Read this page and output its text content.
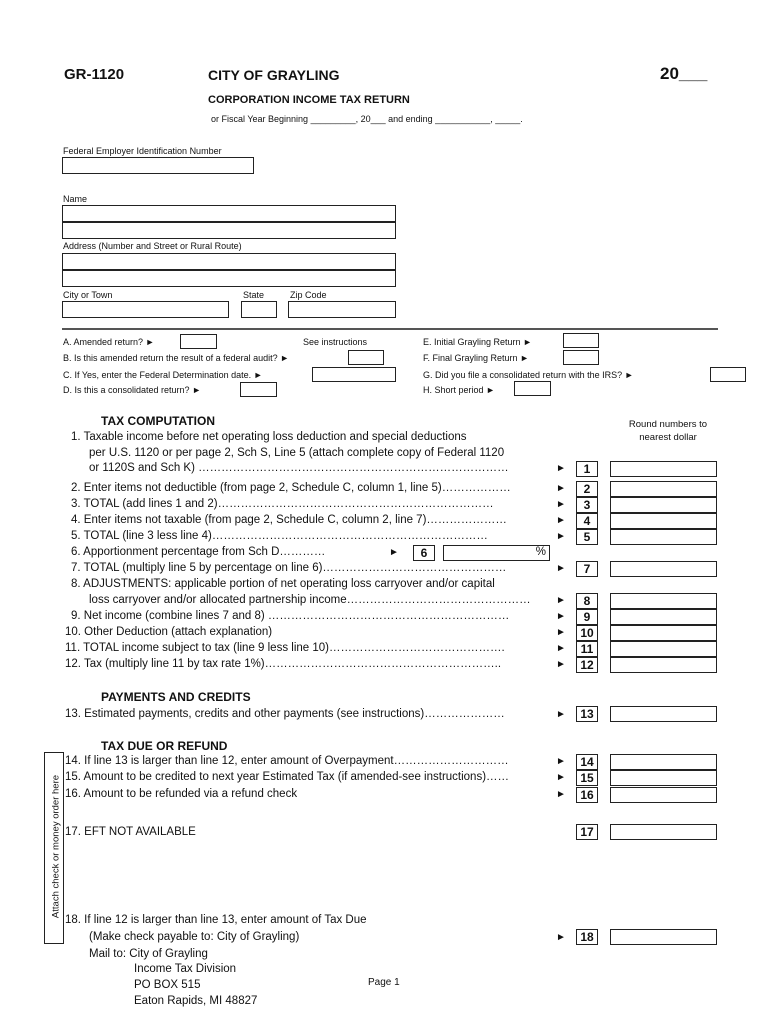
GR-1120	CITY OF GRAYLING	20___
CORPORATION INCOME TAX RETURN
or Fiscal Year Beginning _________, 20___ and ending ___________, _____.
Federal Employer Identification Number
Name
Address (Number and Street or Rural Route)
City or Town	State	Zip Code
A. Amended return? ►	See instructions
B. Is this amended return the result of a federal audit? ►
C. If Yes, enter the Federal Determination date. ►
D. Is this a consolidated return? ►
E. Initial Grayling Return ►
F. Final Grayling Return ►
G. Did you file a consolidated return with the IRS? ►
H. Short period ►
TAX COMPUTATION	Round numbers to
nearest dollar
1. Taxable income before net operating loss deduction and special deductions
per U.S. 1120 or per page 2, Sch S, Line 5 (attach complete copy of Federal 1120
or 1120S and Sch K) ………………………………………………………………………	►	1
2. Enter items not deductible (from page 2, Schedule C, column 1, line 5)………………	►	2
3. TOTAL (add lines 1 and 2)………………………………………………………………	►	3
4. Enter items not taxable (from page 2, Schedule C, column 2, line 7)…………………	►	4
5. TOTAL (line 3 less line 4)………………………………………………………………	►	5
6. Apportionment percentage from Sch D…………	►	6	%
7. TOTAL (multiply line 5 by percentage on line 6)…………………………………………	►	7
8. ADJUSTMENTS: applicable portion of net operating loss carryover and/or capital
loss carryover and/or allocated partnership income…………………………………………	►	8
9. Net income (combine lines 7 and 8) ………………………………………………………	►	9
10. Other Deduction (attach explanation)	►	10
11. TOTAL income subject to tax (line 9 less line 10)……………………………………….	►	11
12. Tax (multiply line 11 by tax rate 1%)……………………………………………………..	►	12
PAYMENTS AND CREDITS
13. Estimated payments, credits and other payments (see instructions)…………………	►	13
TAX DUE OR REFUND
Attach check or money order here
14. If line 13 is larger than line 12, enter amount of Overpayment…………………………	►	14
15. Amount to be credited to next year Estimated Tax (if amended-see instructions)……	►	15
16. Amount to be refunded via a refund check	►	16
17. EFT NOT AVAILABLE	17
18. If line 12 is larger than line 13, enter amount of Tax Due
(Make check payable to: City of Grayling)	►	18
Mail to: City of Grayling
Income Tax Division
PO BOX 515
Eaton Rapids, MI 48827
Page 1
